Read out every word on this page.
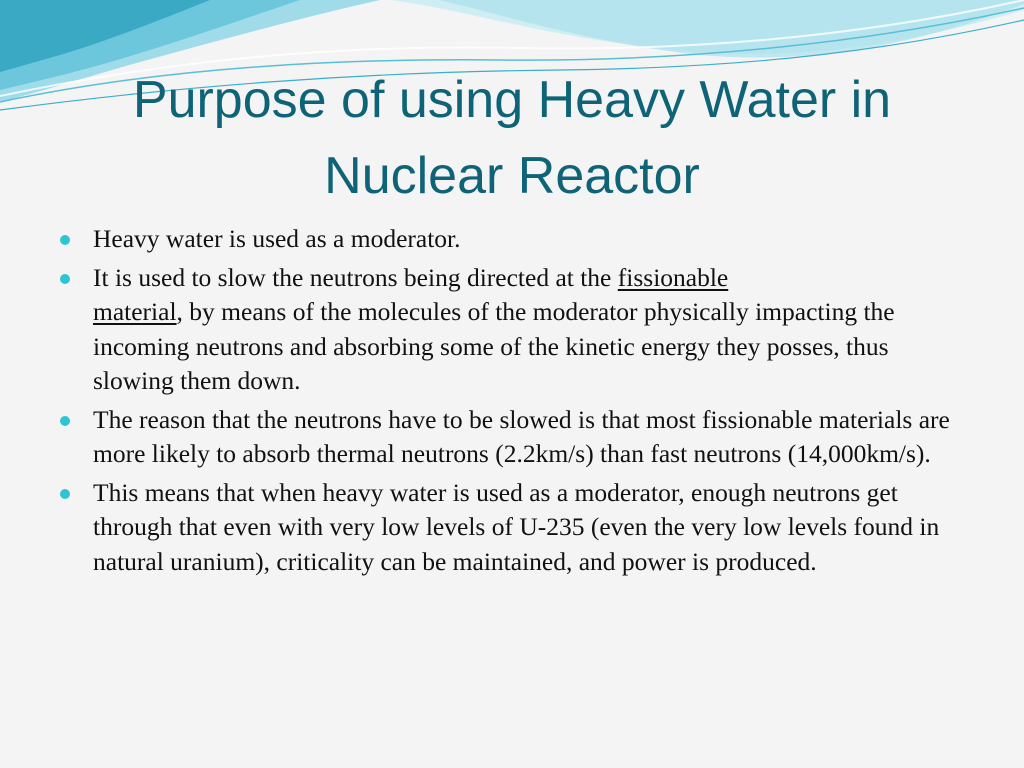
Purpose of using Heavy Water in
Nuclear Reactor
Heavy water is used as a moderator.
It is used to slow the neutrons being directed at the fissionable
material, by means of the molecules of the moderator physically impacting the incoming neutrons and absorbing some of the kinetic energy they posses, thus slowing them down.
The reason that the neutrons have to be slowed is that most fissionable materials are more likely to absorb thermal neutrons (2.2km/s) than fast neutrons (14,000km/s).
This means that when heavy water is used as a moderator, enough neutrons get through that even with very low levels of U-235 (even the very low levels found in natural uranium), criticality can be maintained, and power is produced.
